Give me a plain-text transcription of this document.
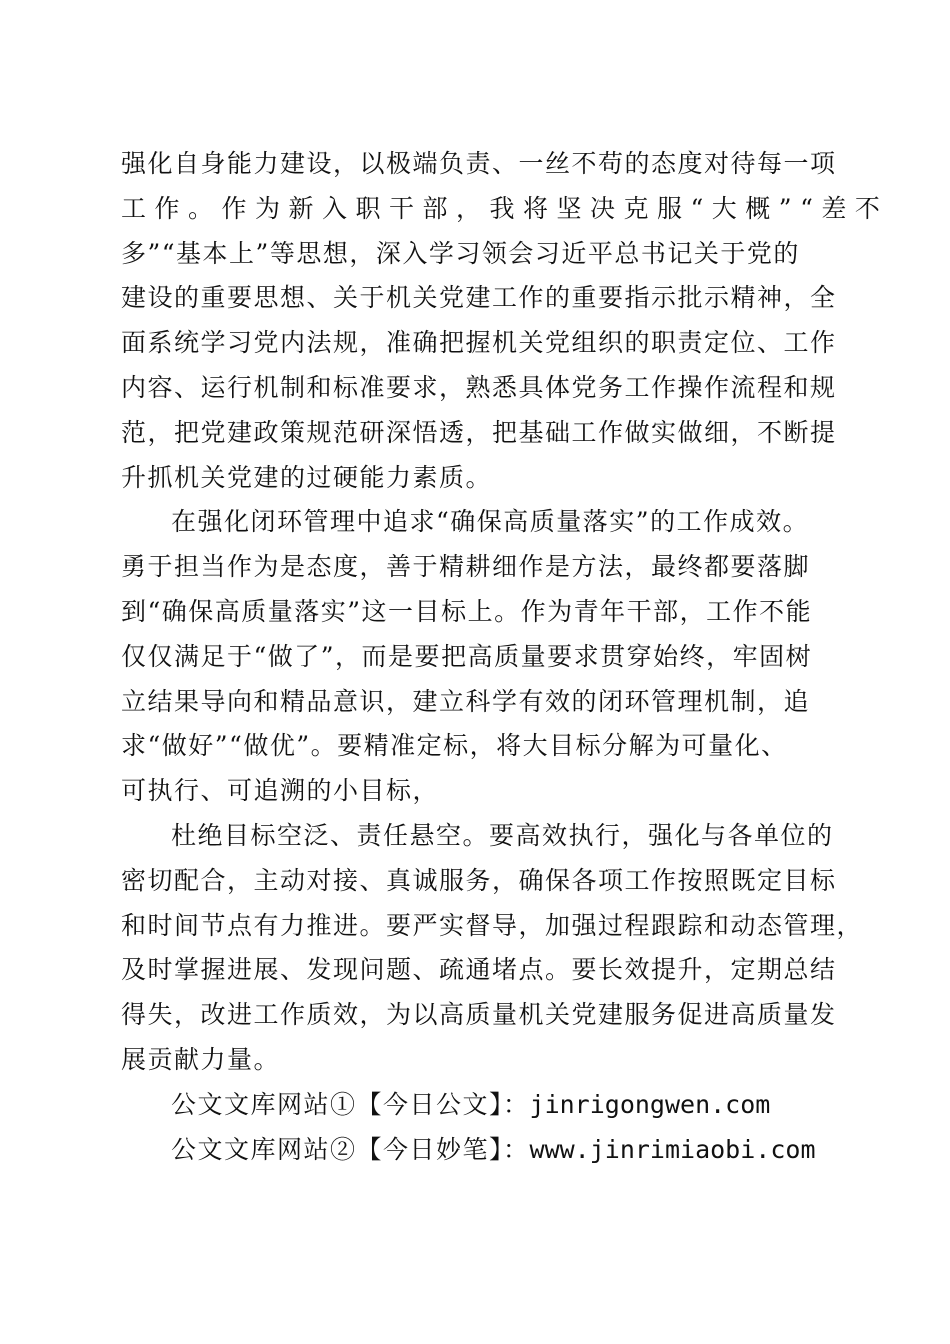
强化自身能力建设，以极端负责、一丝不苟的态度对待每一项
工作。作为新入职干部，我将坚决克服“大概”“差不
多”“基本上”等思想，深入学习领会习近平总书记关于党的
建设的重要思想、关于机关党建工作的重要指示批示精神，全
面系统学习党内法规，准确把握机关党组织的职责定位、工作
内容、运行机制和标准要求，熟悉具体党务工作操作流程和规
范，把党建政策规范研深悟透，把基础工作做实做细，不断提
升抓机关党建的过硬能力素质。
在强化闭环管理中追求“确保高质量落实”的工作成效。
勇于担当作为是态度，善于精耕细作是方法，最终都要落脚
到“确保高质量落实”这一目标上。作为青年干部，工作不能
仅仅满足于“做了”，而是要把高质量要求贯穿始终，牢固树
立结果导向和精品意识，建立科学有效的闭环管理机制，追
求“做好”“做优”。要精准定标，将大目标分解为可量化、
可执行、可追溯的小目标，
杜绝目标空泛、责任悬空。要高效执行，强化与各单位的
密切配合，主动对接、真诚服务，确保各项工作按照既定目标
和时间节点有力推进。要严实督导，加强过程跟踪和动态管理，
及时掌握进展、发现问题、疏通堵点。要长效提升，定期总结
得失，改进工作质效，为以高质量机关党建服务促进高质量发
展贡献力量。
公文文库网站①【今日公文】：jinrigongwen.com
公文文库网站②【今日妙笔】：www.jinrimiaobi.com
